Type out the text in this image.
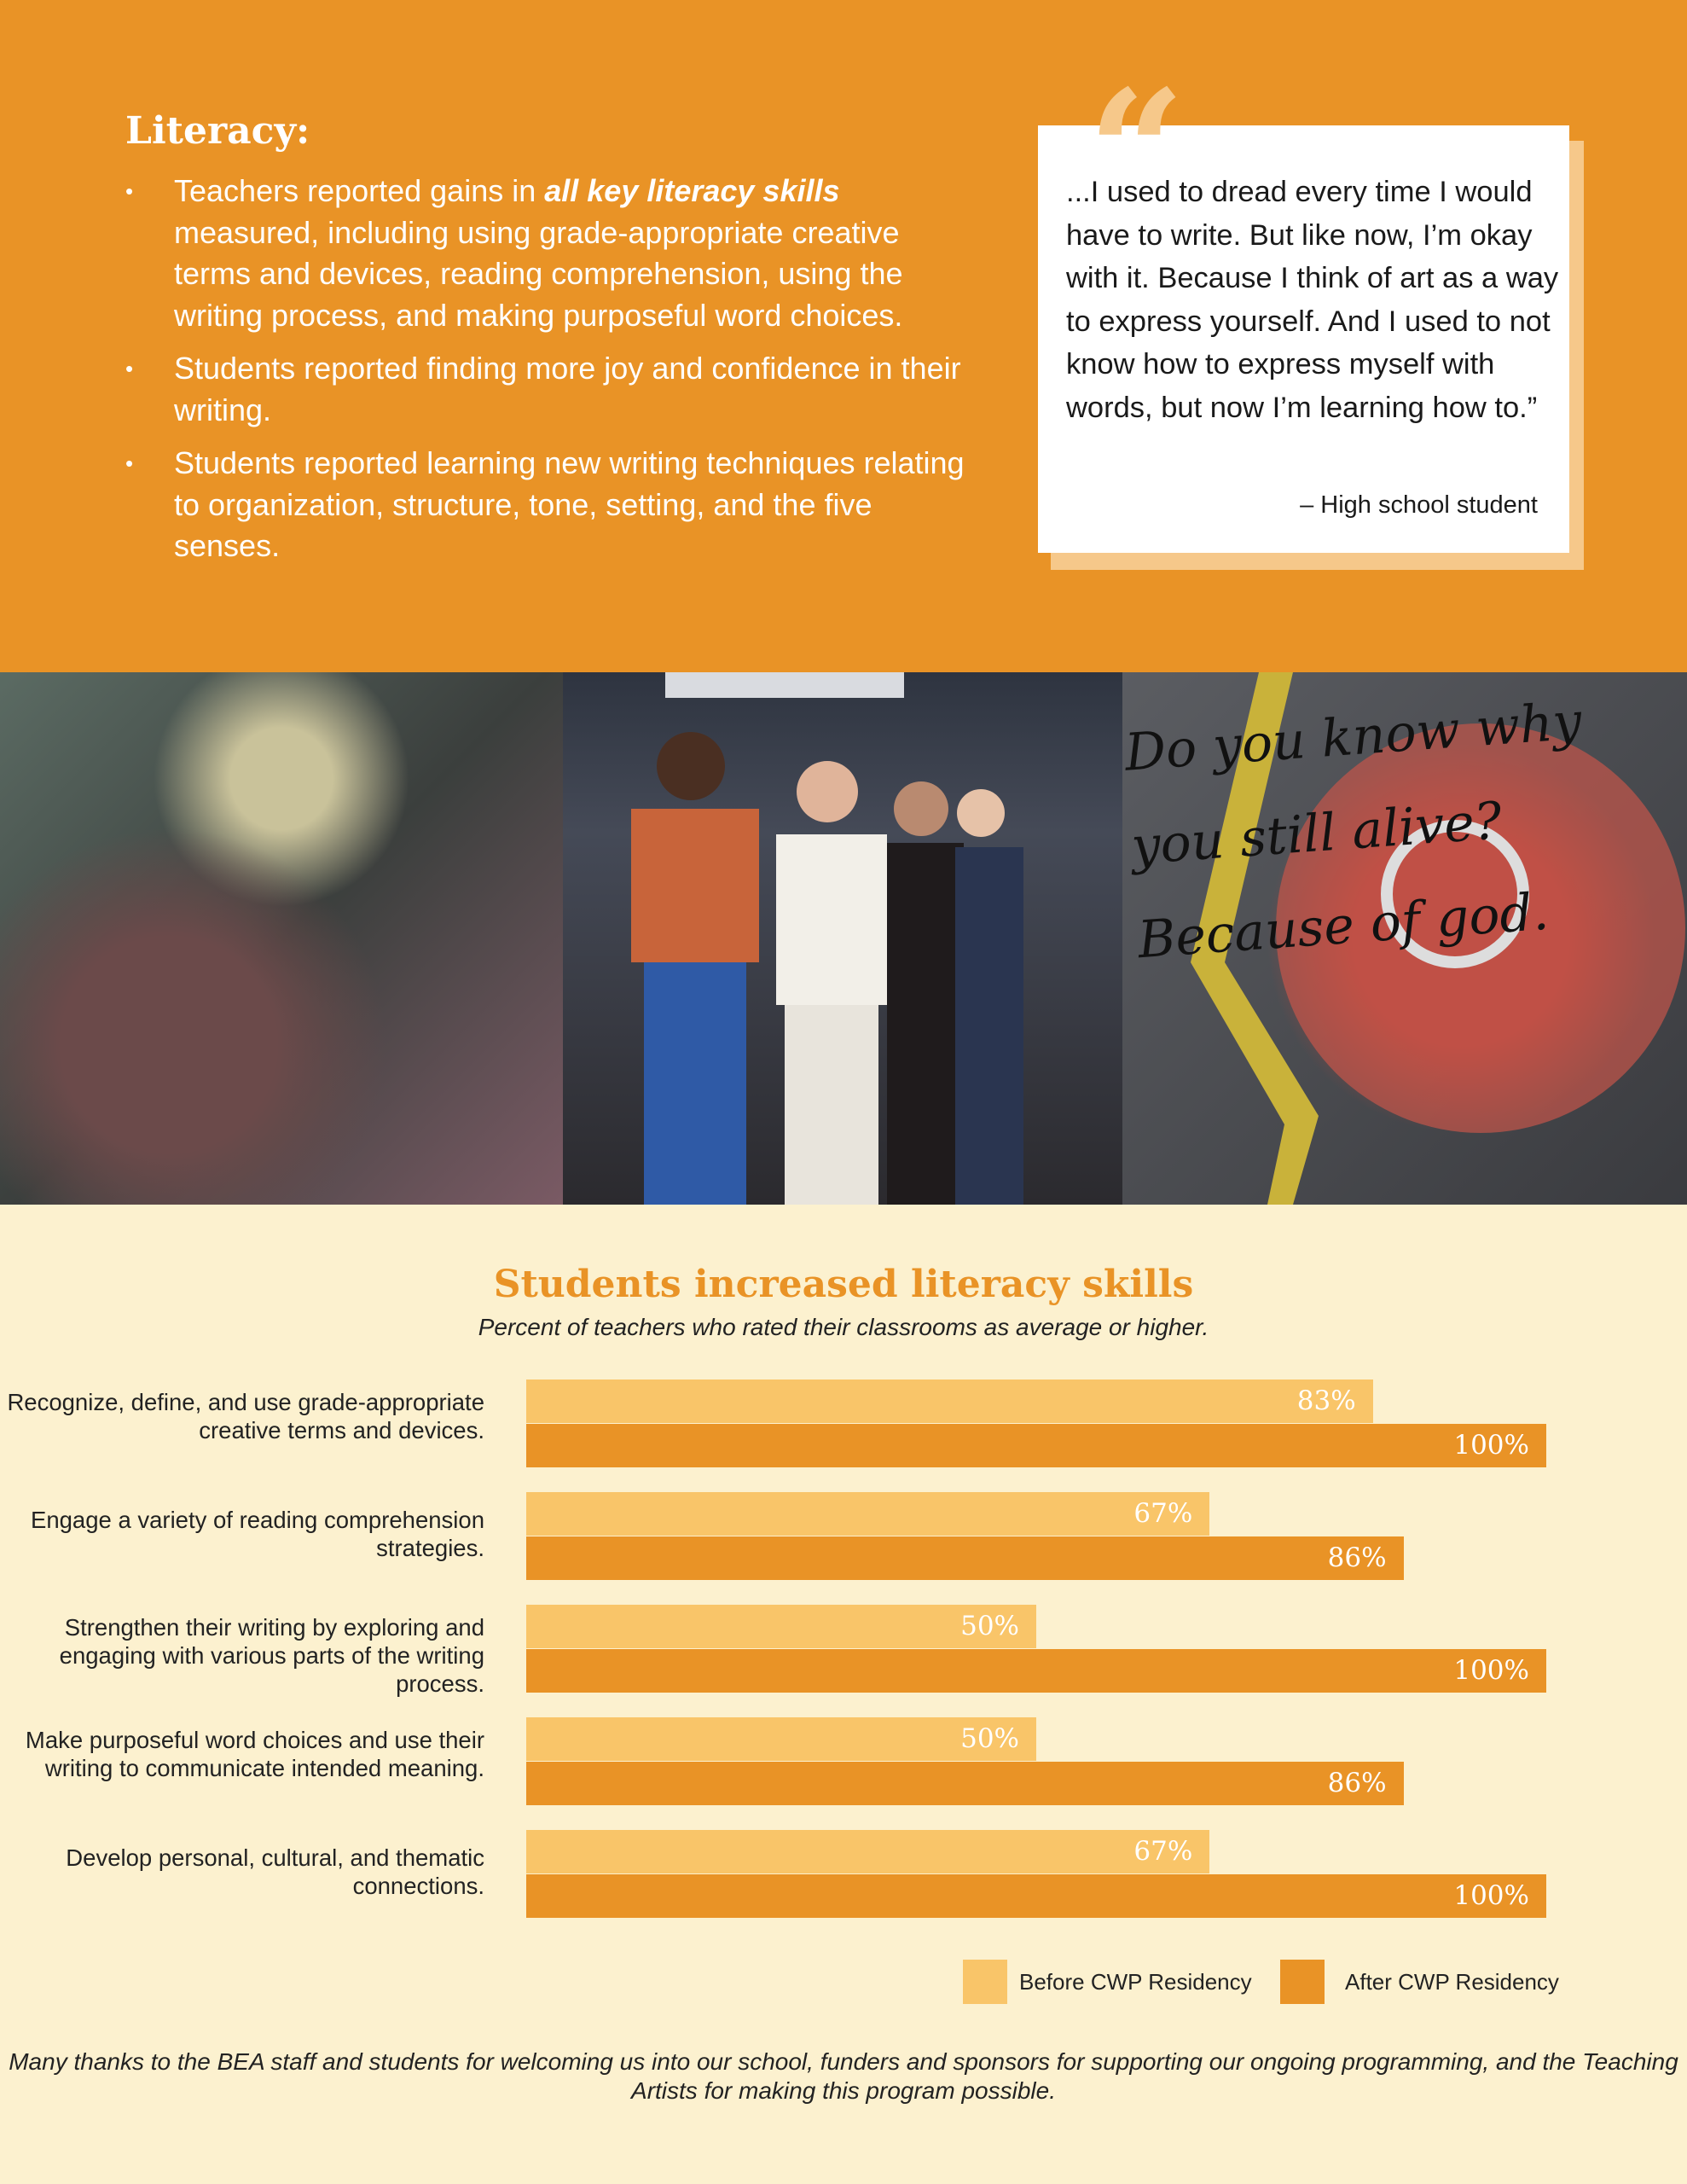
Literacy:
• Teachers reported gains in all key literacy skills measured, including using grade-appropriate creative terms and devices, reading comprehension, using the writing process, and making purposeful word choices.
• Students reported finding more joy and confidence in their writing.
• Students reported learning new writing techniques relating to organization, structure, tone, setting, and the five senses.
“

...I used to dread every time I would have to write. But like now, I’m okay with it. Because I think of art as a way to express yourself. And I used to not know how to express myself with words, but now I’m learning how to.”

– High school student
Do you know why you still alive? Because of god.
Students increased literacy skills

Percent of teachers who rated their classrooms as average or higher.

Recognize, define, and use grade-appropriate creative terms and devices.
83%
100%
Engage a variety of reading comprehension strategies.
67%
86%
Strengthen their writing by exploring and engaging with various parts of the writing process.
50%
100%
Make purposeful word choices and use their writing to communicate intended meaning.
50%
86%
Develop personal, cultural, and thematic connections.
67%
100%
Before CWP Residency	After CWP Residency

Many thanks to the BEA staff and students for welcoming us into our school, funders and sponsors for supporting our ongoing programming, and the Teaching Artists for making this program possible.
